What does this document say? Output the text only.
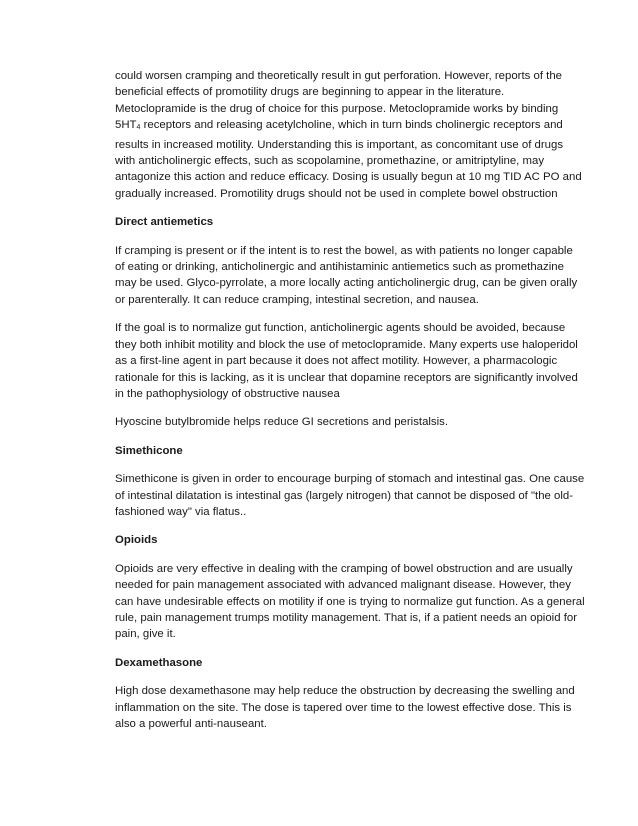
could worsen cramping and theoretically result in gut perforation. However, reports of the beneficial effects of promotility drugs are beginning to appear in the literature. Metoclopramide is the drug of choice for this purpose. Metoclopramide works by binding 5HT4 receptors and releasing acetylcholine, which in turn binds cholinergic receptors and results in increased motility. Understanding this is important, as concomitant use of drugs with anticholinergic effects, such as scopolamine, promethazine, or amitriptyline, may antagonize this action and reduce efficacy. Dosing is usually begun at 10 mg TID AC PO and gradually increased. Promotility drugs should not be used in complete bowel obstruction

Direct antiemetics

If cramping is present or if the intent is to rest the bowel, as with patients no longer capable of eating or drinking, anticholinergic and antihistaminic antiemetics such as promethazine may be used. Glyco-pyrrolate, a more locally acting anticholinergic drug, can be given orally or parenterally. It can reduce cramping, intestinal secretion, and nausea.

If the goal is to normalize gut function, anticholinergic agents should be avoided, because they both inhibit motility and block the use of metoclopramide. Many experts use haloperidol as a first-line agent in part because it does not affect motility. However, a pharmacologic rationale for this is lacking, as it is unclear that dopamine receptors are significantly involved in the pathophysiology of obstructive nausea

Hyoscine butylbromide helps reduce GI secretions and peristalsis.

Simethicone

Simethicone is given in order to encourage burping of stomach and intestinal gas. One cause of intestinal dilatation is intestinal gas (largely nitrogen) that cannot be disposed of "the old-fashioned way" via flatus..

Opioids

Opioids are very effective in dealing with the cramping of bowel obstruction and are usually needed for pain management associated with advanced malignant disease. However, they can have undesirable effects on motility if one is trying to normalize gut function. As a general rule, pain management trumps motility management. That is, if a patient needs an opioid for pain, give it.

Dexamethasone

High dose dexamethasone may help reduce the obstruction by decreasing the swelling and inflammation on the site. The dose is tapered over time to the lowest effective dose. This is also a powerful anti-nauseant.
